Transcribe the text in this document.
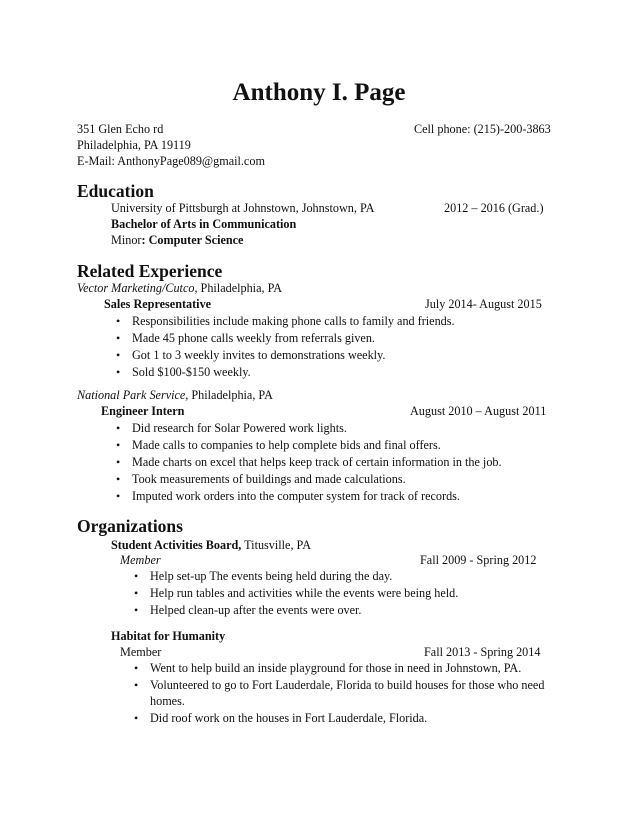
Anthony I. Page
351 Glen Echo rd	Cell phone: (215)-200-3863
Philadelphia, PA 19119
E-Mail: AnthonyPage089@gmail.com
Education
University of Pittsburgh at Johnstown, Johnstown, PA	2012 – 2016 (Grad.)
Bachelor of Arts in Communication
Minor: Computer Science
Related Experience
Vector Marketing/Cutco, Philadelphia, PA
Sales Representative	July 2014- August 2015
• Responsibilities include making phone calls to family and friends.
• Made 45 phone calls weekly from referrals given.
• Got 1 to 3 weekly invites to demonstrations weekly.
• Sold $100-$150 weekly.
National Park Service, Philadelphia, PA
Engineer Intern	August 2010 – August 2011
• Did research for Solar Powered work lights.
• Made calls to companies to help complete bids and final offers.
• Made charts on excel that helps keep track of certain information in the job.
• Took measurements of buildings and made calculations.
• Imputed work orders into the computer system for track of records.
Organizations
Student Activities Board, Titusville, PA
Member	Fall 2009 - Spring 2012
• Help set-up The events being held during the day.
• Help run tables and activities while the events were being held.
• Helped clean-up after the events were over.
Habitat for Humanity
Member	Fall 2013 - Spring 2014
• Went to help build an inside playground for those in need in Johnstown, PA.
• Volunteered to go to Fort Lauderdale, Florida to build houses for those who need homes.
• Did roof work on the houses in Fort Lauderdale, Florida.
